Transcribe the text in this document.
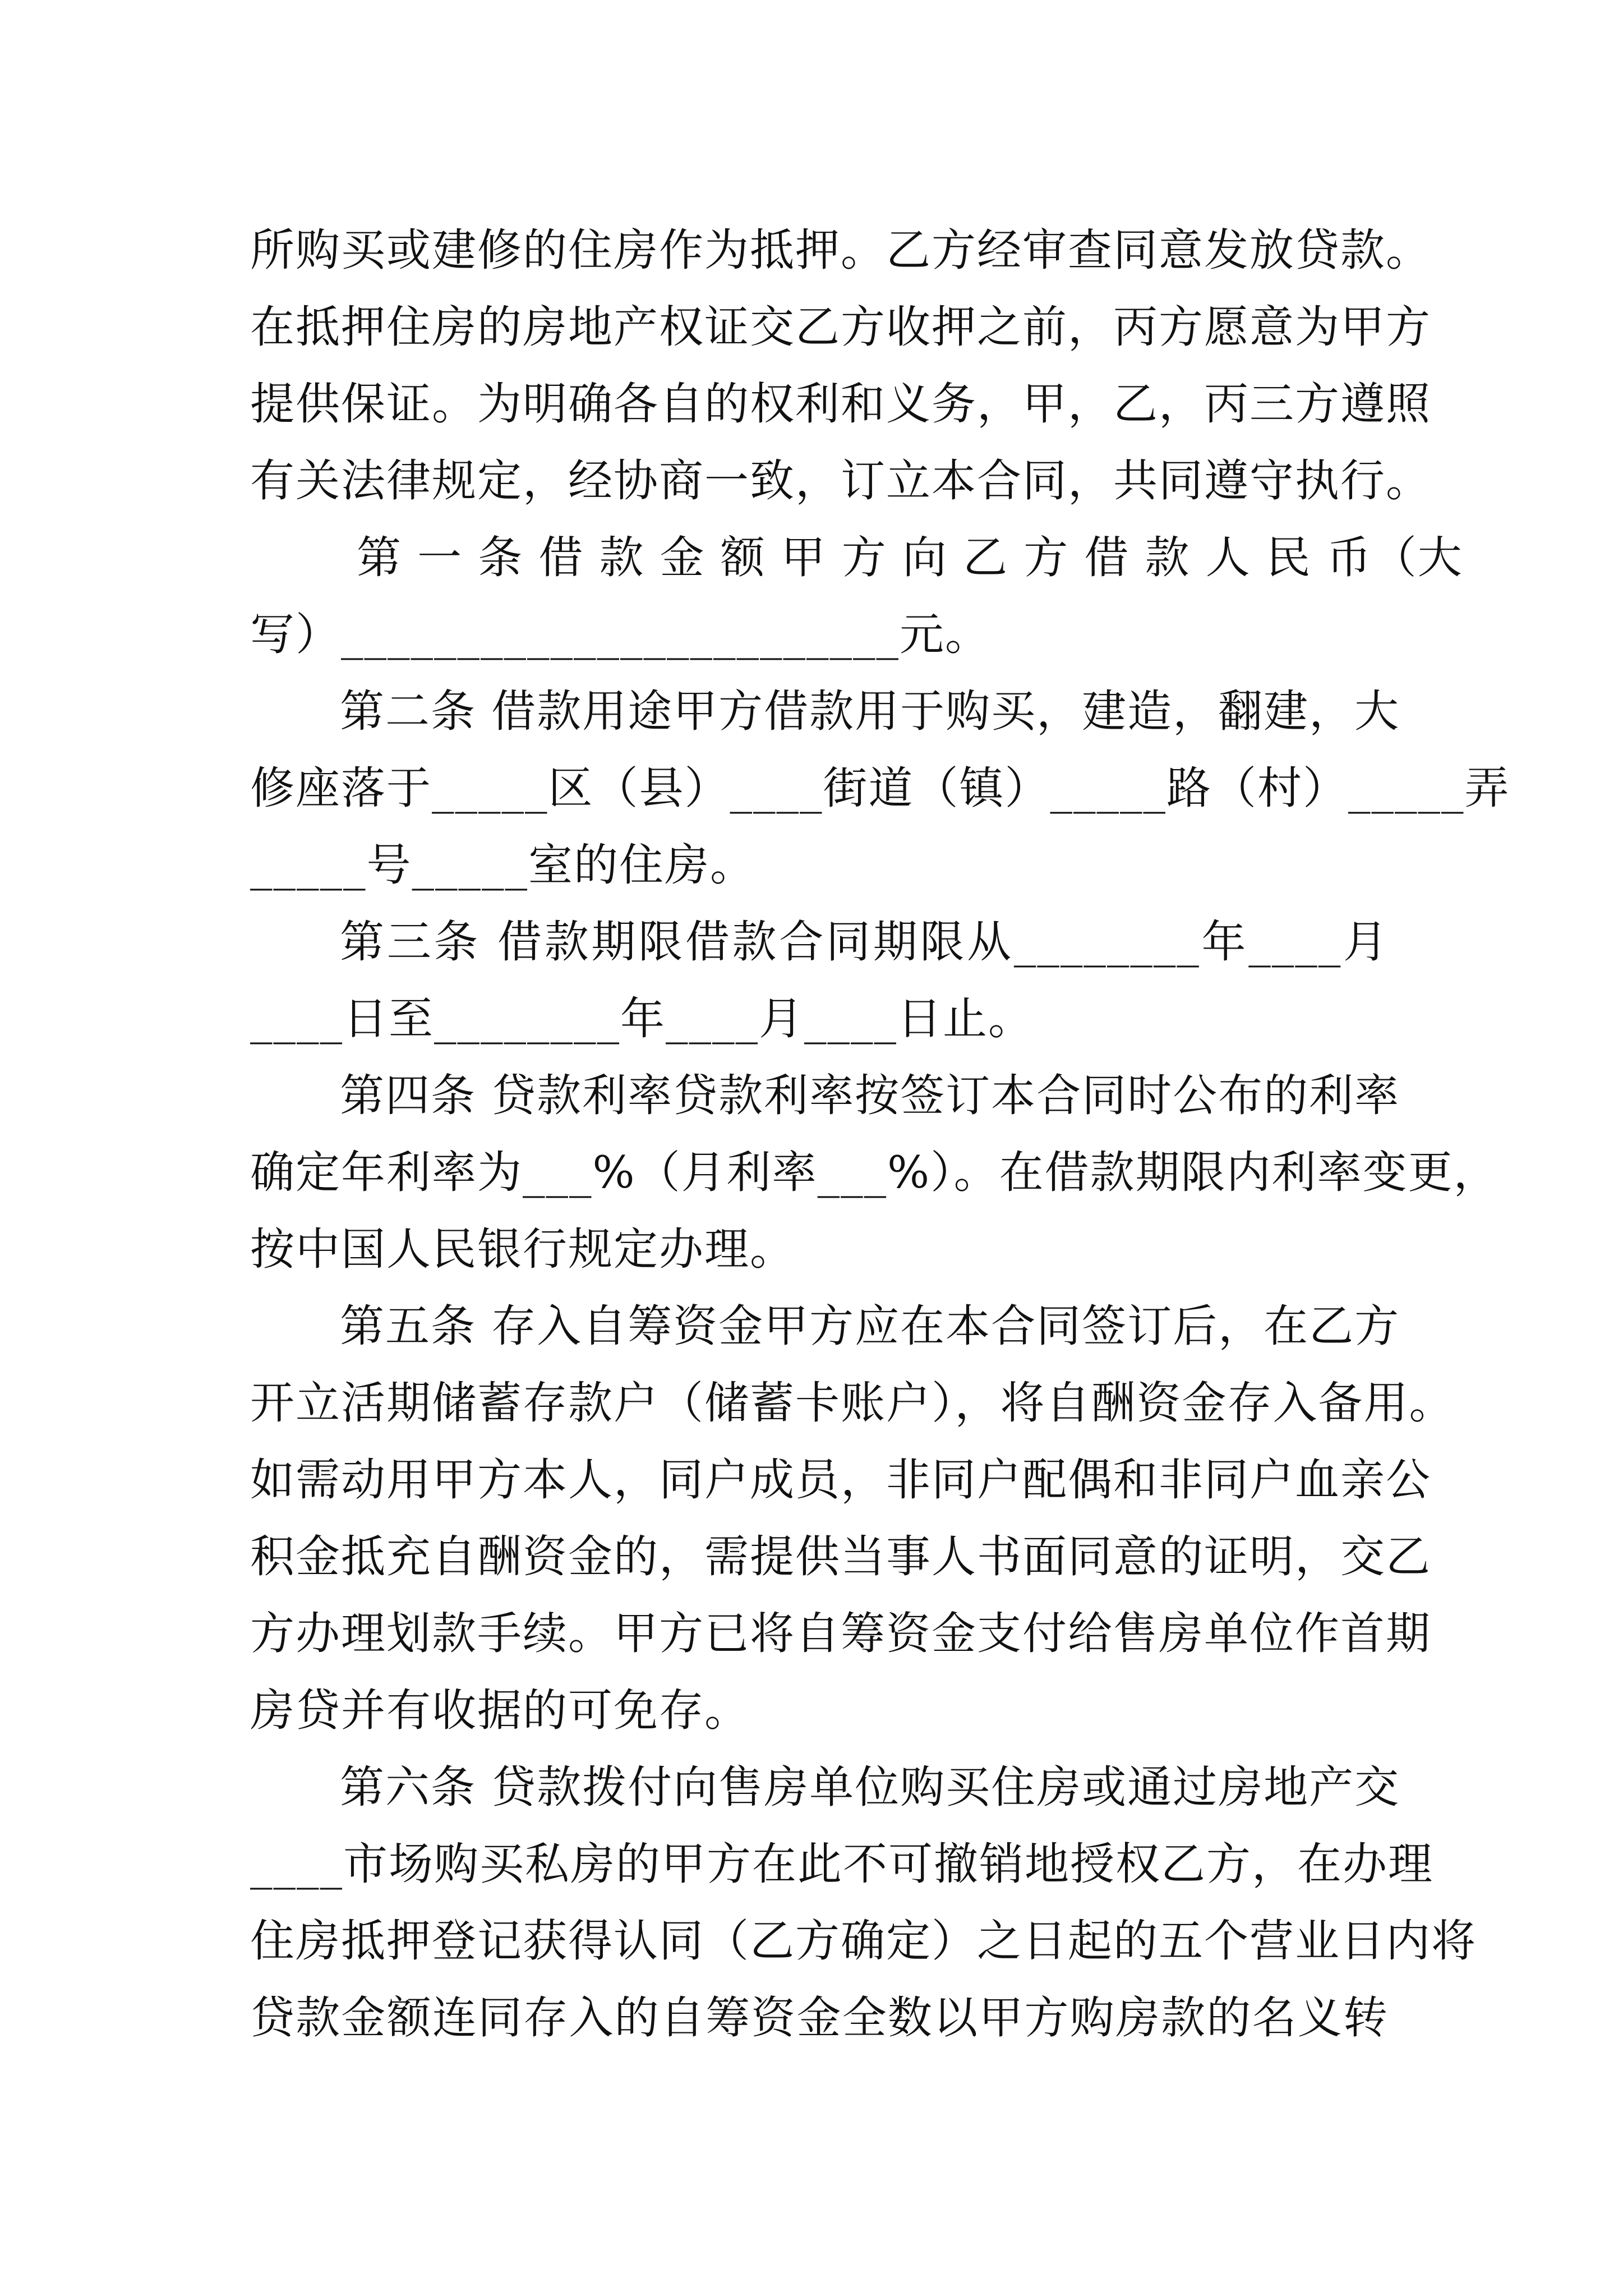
所购买或建修的住房作为抵押。乙方经审查同意发放贷款。
在抵押住房的房地产权证交乙方收押之前，丙方愿意为甲方
提供保证。为明确各自的权利和义务，甲，乙，丙三方遵照
有关法律规定，经协商一致，订立本合同，共同遵守执行。
第 一 条 借 款 金 额 甲 方 向 乙 方 借 款 人 民 币（大
写）________________________元。
第二条 借款用途甲方借款用于购买，建造，翻建，大
修座落于_____区（县）____街道（镇）_____路（村）_____弄
_____号_____室的住房。
第三条 借款期限借款合同期限从________年____月
____日至________年____月____日止。
第四条 贷款利率贷款利率按签订本合同时公布的利率
确定年利率为___%（月利率___%）。在借款期限内利率变更，
按中国人民银行规定办理。
第五条 存入自筹资金甲方应在本合同签订后，在乙方
开立活期储蓄存款户（储蓄卡账户），将自酬资金存入备用。
如需动用甲方本人，同户成员，非同户配偶和非同户血亲公
积金抵充自酬资金的，需提供当事人书面同意的证明，交乙
方办理划款手续。甲方已将自筹资金支付给售房单位作首期
房贷并有收据的可免存。
第六条 贷款拨付向售房单位购买住房或通过房地产交
____市场购买私房的甲方在此不可撤销地授权乙方，在办理
住房抵押登记获得认同（乙方确定）之日起的五个营业日内将
贷款金额连同存入的自筹资金全数以甲方购房款的名义转
